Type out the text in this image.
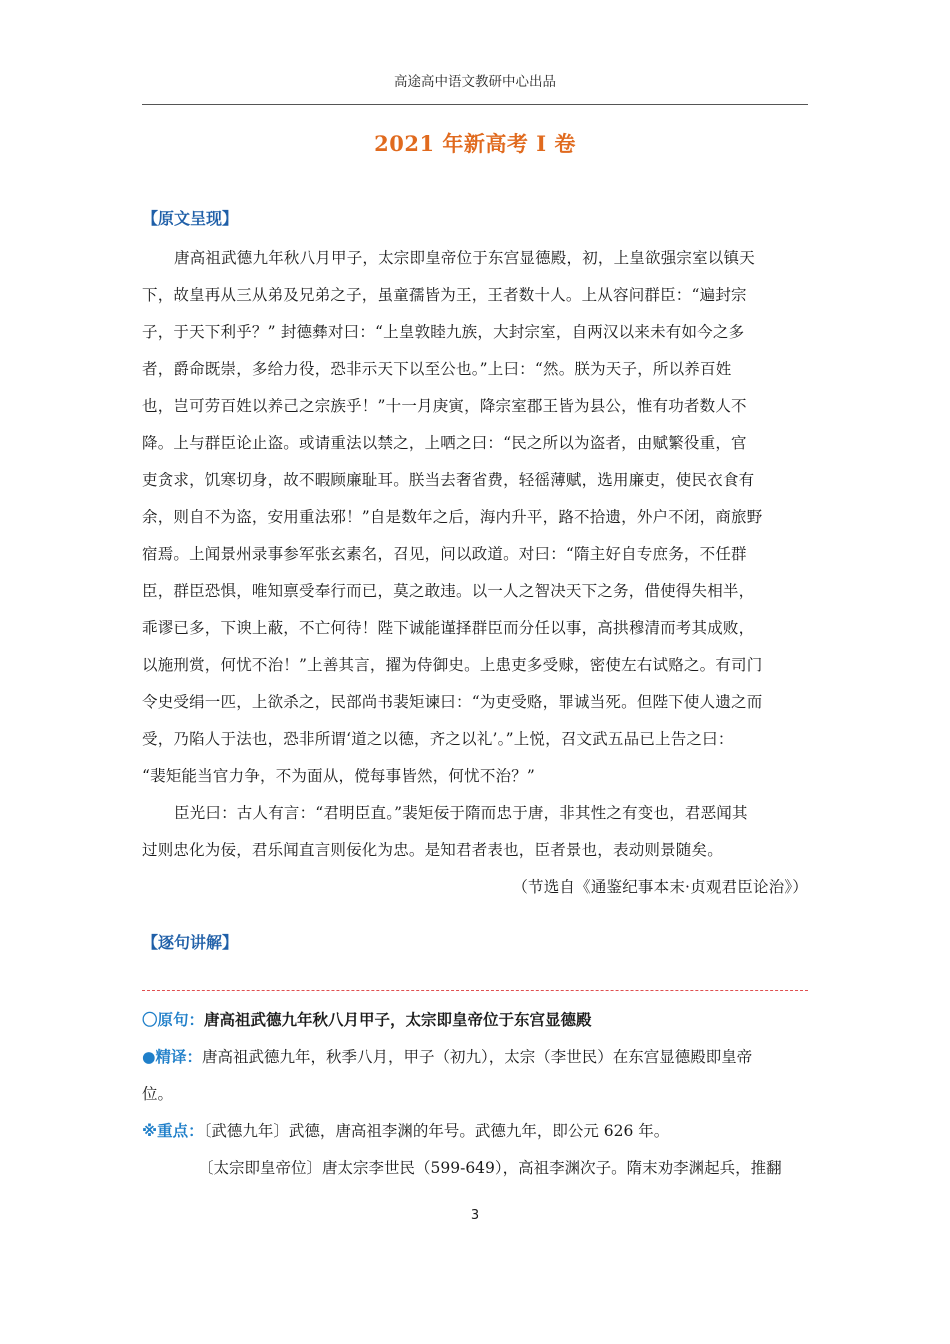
高途高中语文教研中心出品
2021 年新高考 I 卷
【原文呈现】
唐高祖武德九年秋八月甲子，太宗即皇帝位于东宫显德殿，初，上皇欲强宗室以镇天
下，故皇再从三从弟及兄弟之子，虽童孺皆为王，王者数十人。上从容问群臣：“遍封宗
子，于天下利乎？” 封德彝对曰：“上皇敦睦九族，大封宗室，自两汉以来未有如今之多
者，爵命既崇，多给力役，恐非示天下以至公也。”上曰：“然。朕为天子，所以养百姓
也，岂可劳百姓以养己之宗族乎！”十一月庚寅，降宗室郡王皆为县公，惟有功者数人不
降。上与群臣论止盗。或请重法以禁之，上哂之曰：“民之所以为盗者，由赋繁役重，官
吏贪求，饥寒切身，故不暇顾廉耻耳。朕当去奢省费，轻徭薄赋，选用廉吏，使民衣食有
余，则自不为盗，安用重法邪！”自是数年之后，海内升平，路不拾遗，外户不闭，商旅野
宿焉。上闻景州录事参军张玄素名，召见，问以政道。对曰：“隋主好自专庶务，不任群
臣，群臣恐惧，唯知禀受奉行而已，莫之敢违。以一人之智决天下之务，借使得失相半，
乖谬已多，下谀上蔽，不亡何待！陛下诚能谨择群臣而分任以事，高拱穆清而考其成败，
以施刑赏，何忧不治！”上善其言，擢为侍御史。上患吏多受赇，密使左右试赂之。有司门
令史受绢一匹，上欲杀之，民部尚书裴矩谏曰：“为吏受赂，罪诚当死。但陛下使人遗之而
受，乃陷人于法也，恐非所谓‘道之以德，齐之以礼’。”上悦，召文武五品已上告之曰：
“裴矩能当官力争，不为面从，傥每事皆然，何忧不治？”
臣光曰：古人有言：“君明臣直。”裴矩佞于隋而忠于唐，非其性之有变也，君恶闻其
过则忠化为佞，君乐闻直言则佞化为忠。是知君者表也，臣者景也，表动则景随矣。
（节选自《通鉴纪事本末·贞观君臣论治》）
【逐句讲解】
〇原句：唐高祖武德九年秋八月甲子，太宗即皇帝位于东宫显德殿
●精译：唐高祖武德九年，秋季八月，甲子（初九），太宗（李世民）在东宫显德殿即皇帝
位。
※重点：〔武德九年〕武德，唐高祖李渊的年号。武德九年，即公元 626 年。
〔太宗即皇帝位〕唐太宗李世民（599-649），高祖李渊次子。隋末劝李渊起兵，推翻
3
